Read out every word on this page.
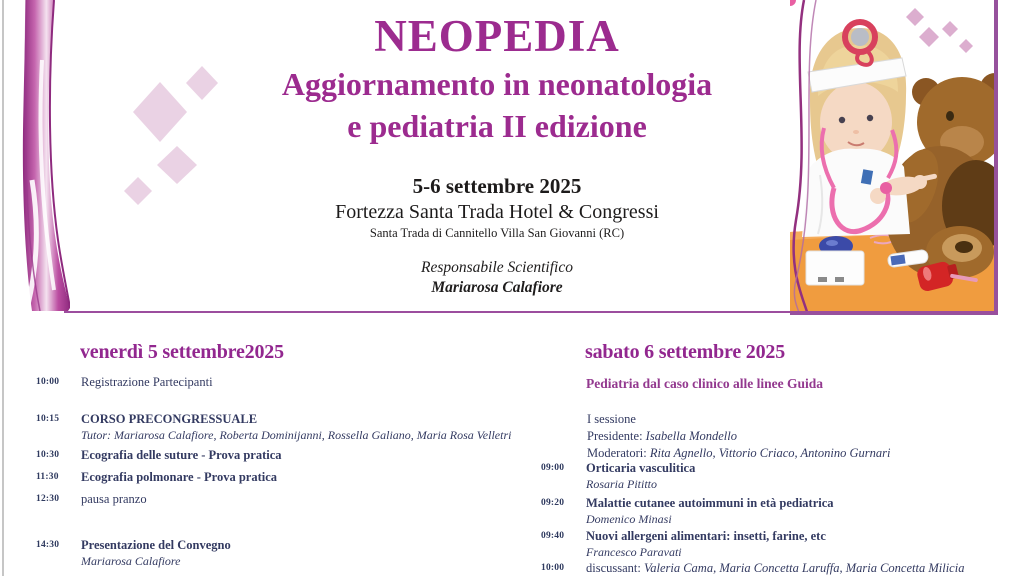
NEOPEDIA
Aggiornamento in neonatologia
e pediatria II edizione
5-6 settembre 2025
Fortezza Santa Trada Hotel & Congressi
Santa Trada di Cannitello Villa San Giovanni (RC)
Responsabile Scientifico
Mariarosa Calafiore
venerdì 5 settembre2025
10:00 Registrazione Partecipanti
10:15 CORSO PRECONGRESSUALE
Tutor: Mariarosa Calafiore, Roberta Dominijanni, Rossella Galiano, Maria Rosa Velletri
10:30 Ecografia delle suture - Prova pratica
11:30 Ecografia polmonare - Prova pratica
12:30 pausa pranzo
14:30 Presentazione del Convegno
Mariarosa Calafiore
sabato 6 settembre 2025
Pediatria dal caso clinico alle linee Guida
I sessione
Presidente: Isabella Mondello
Moderatori: Rita Agnello, Vittorio Criaco, Antonino Gurnari
09:00 Orticaria vasculitica
Rosaria Pititto
09:20 Malattie cutanee autoimmuni in età pediatrica
Domenico Minasi
09:40 Nuovi allergeni alimentari: insetti, farine, etc
Francesco Paravati
10:00 discussant: Valeria Cama, Maria Concetta Laruffa, Maria Concetta Milicia
